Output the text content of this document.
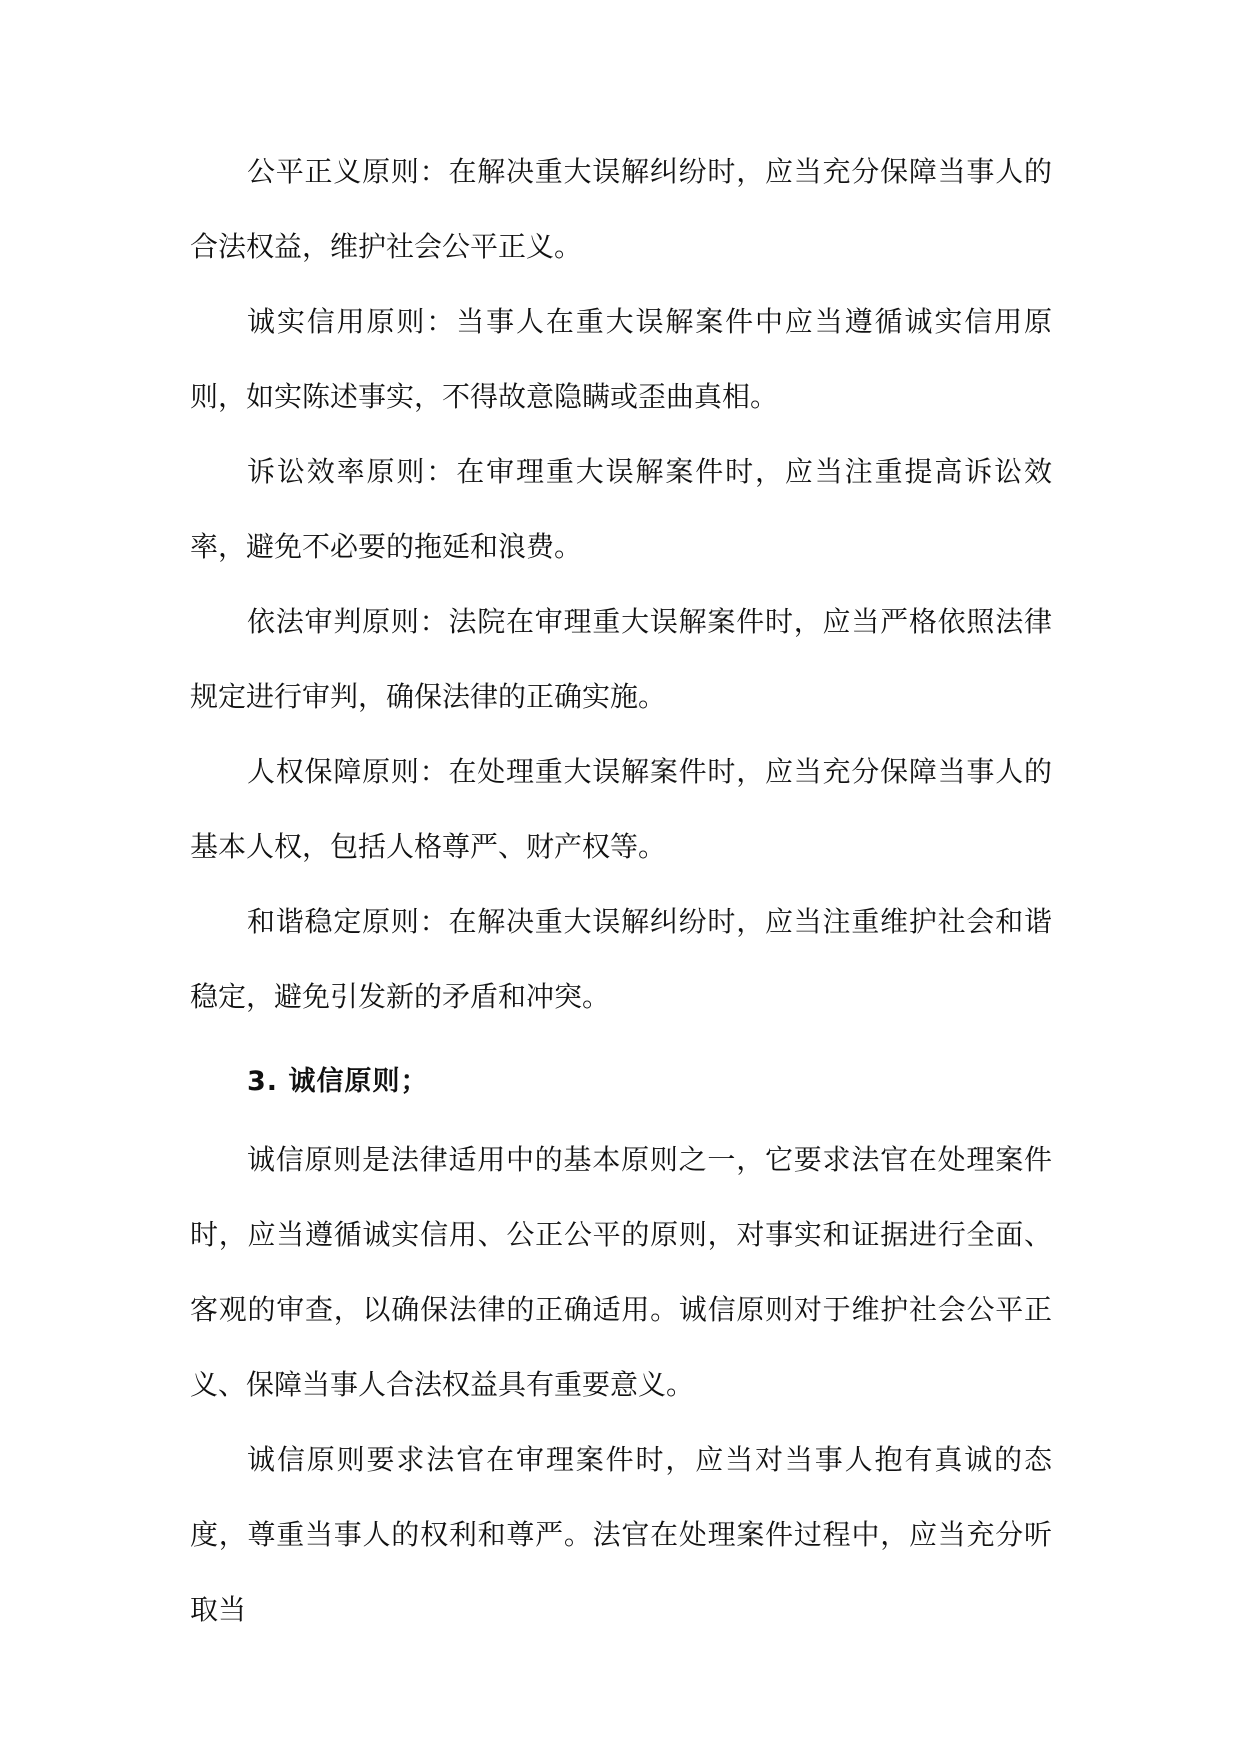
公平正义原则：在解决重大误解纠纷时，应当充分保障当事人的合法权益，维护社会公平正义。

诚实信用原则：当事人在重大误解案件中应当遵循诚实信用原则，如实陈述事实，不得故意隐瞒或歪曲真相。

诉讼效率原则：在审理重大误解案件时，应当注重提高诉讼效率，避免不必要的拖延和浪费。

依法审判原则：法院在审理重大误解案件时，应当严格依照法律规定进行审判，确保法律的正确实施。

人权保障原则：在处理重大误解案件时，应当充分保障当事人的基本人权，包括人格尊严、财产权等。

和谐稳定原则：在解决重大误解纠纷时，应当注重维护社会和谐稳定，避免引发新的矛盾和冲突。

3. 诚信原则；

诚信原则是法律适用中的基本原则之一，它要求法官在处理案件时，应当遵循诚实信用、公正公平的原则，对事实和证据进行全面、客观的审查，以确保法律的正确适用。诚信原则对于维护社会公平正义、保障当事人合法权益具有重要意义。

诚信原则要求法官在审理案件时，应当对当事人抱有真诚的态度，尊重当事人的权利和尊严。法官在处理案件过程中，应当充分听取当
